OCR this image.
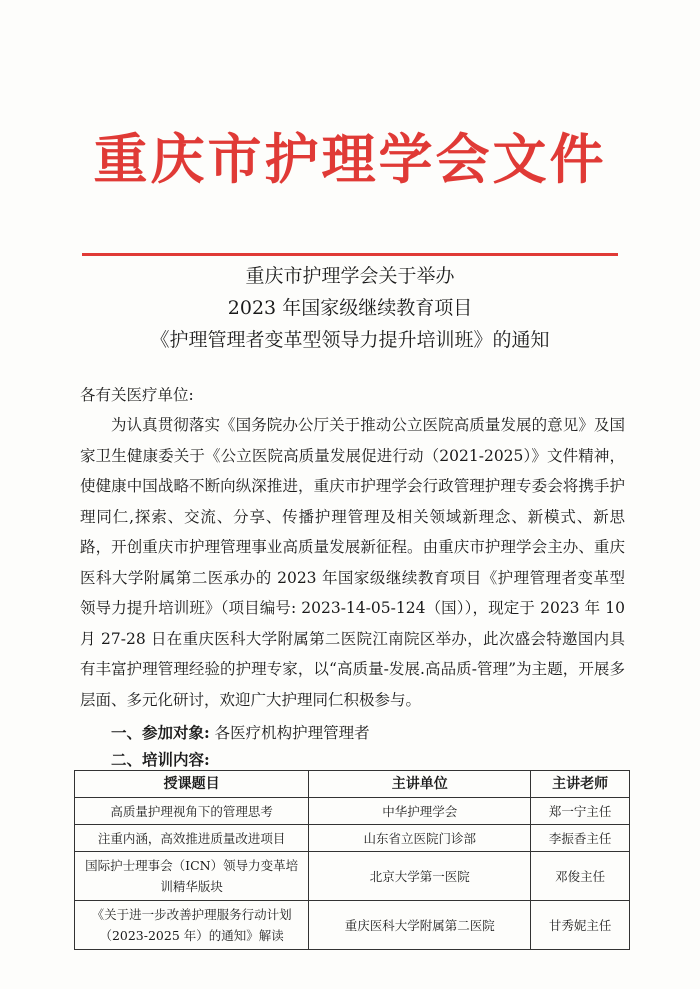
重庆市护理学会文件
重庆市护理学会关于举办
2023 年国家级继续教育项目
《护理管理者变革型领导力提升培训班》的通知
各有关医疗单位:
为认真贯彻落实《国务院办公厅关于推动公立医院高质量发展的意见》及国家卫生健康委关于《公立医院高质量发展促进行动（2021-2025）》文件精神，使健康中国战略不断向纵深推进，重庆市护理学会行政管理护理专委会将携手护理同仁,探索、交流、分享、传播护理管理及相关领域新理念、新模式、新思路，开创重庆市护理管理事业高质量发展新征程。由重庆市护理学会主办、重庆医科大学附属第二医承办的 2023 年国家级继续教育项目《护理管理者变革型领导力提升培训班》（项目编号: 2023-14-05-124（国）），现定于 2023 年 10 月 27-28 日在重庆医科大学附属第二医院江南院区举办，此次盛会特邀国内具有丰富护理管理经验的护理专家，以“高质量-发展.高品质-管理”为主题，开展多层面、多元化研讨，欢迎广大护理同仁积极参与。
一、参加对象: 各医疗机构护理管理者
二、培训内容:
授课题目	主讲单位	主讲老师
高质量护理视角下的管理思考	中华护理学会	郑一宁主任
注重内涵，高效推进质量改进项目	山东省立医院门诊部	李振香主任
国际护士理事会（ICN）领导力变革培训精华版块	北京大学第一医院	邓俊主任
《关于进一步改善护理服务行动计划（2023-2025 年）的通知》解读	重庆医科大学附属第二医院	甘秀妮主任
